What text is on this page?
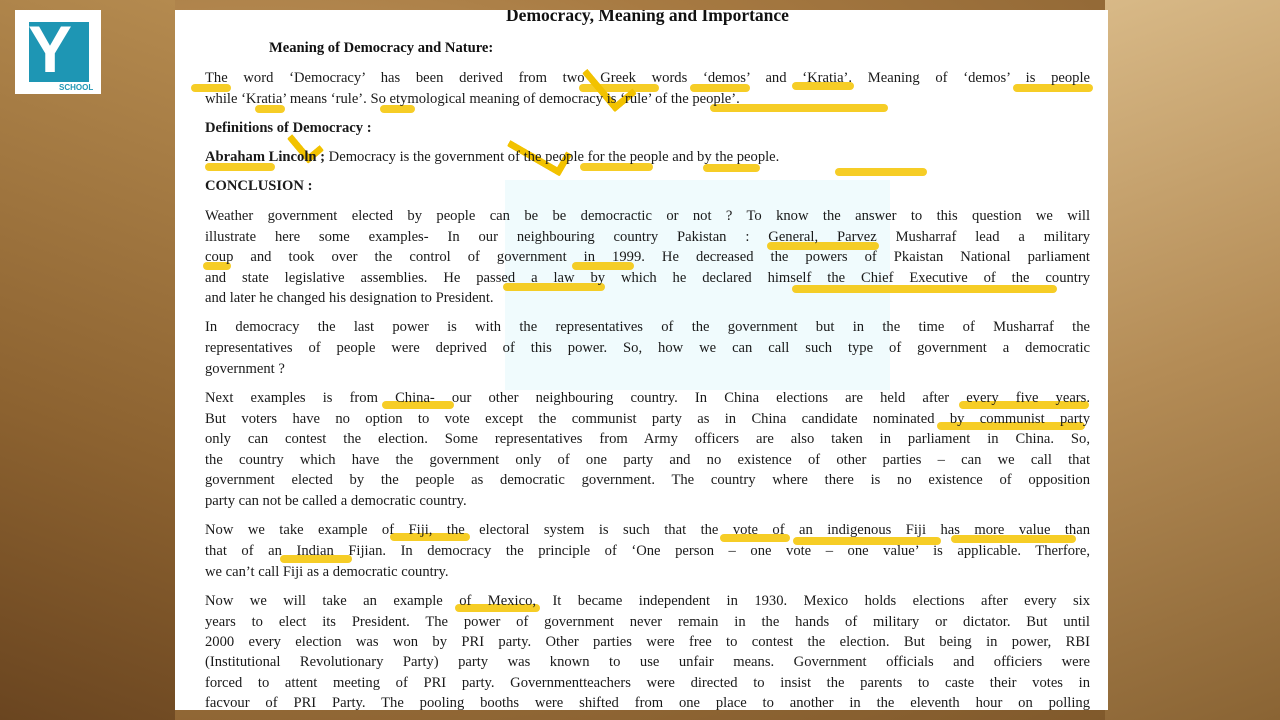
Y
SCHOOL
Democracy, Meaning and Importance
Meaning of Democracy and Nature:
The word ‘Democracy’ has been derived from two Greek words ‘demos’ and ‘Kratia’. Meaning of ‘demos’ is people
while ‘Kratia’ means ‘rule’. So etymological meaning of democracy is ‘rule’ of the people’.
Definitions of Democracy :
Abraham Lincoln ; Democracy is the government of the people for the people and by the people.
CONCLUSION :
Weather government elected by people can be be democractic or not ? To know the answer to this question we will
illustrate here some examples- In our neighbouring country Pakistan : General, Parvez Musharraf lead a military
coup and took over the control of government in 1999. He decreased the powers of Pkaistan National parliament
and state legislative assemblies. He passed a law by which he declared himself the Chief Executive of the country
and later he changed his designation to President.
In democracy the last power is with the representatives of the government but in the time of Musharraf the
representatives of people were deprived of this power. So, how we can call such type of government a democratic
government ?
Next examples is from China- our other neighbouring country. In China elections are held after every five years.
But voters have no option to vote except the communist party as in China candidate nominated by communist party
only can contest the election. Some representatives from Army officers are also taken in parliament in China. So,
the country which have the government only of one party and no existence of other parties – can we call that
government elected by the people as democratic government. The country where there is no existence of opposition
party can not be called a democratic country.
Now we take example of Fiji, the electoral system is such that the vote of an indigenous Fiji has more value than
that of an Indian Fijian. In democracy the principle of ‘One person – one vote – one value’ is applicable. Therfore,
we can’t call Fiji as a democratic country.
Now we will take an example of Mexico, It became independent in 1930. Mexico holds elections after every six
years to elect its President. The power of government never remain in the hands of military or dictator. But until
2000 every election was won by PRI party. Other parties were free to contest the election. But being in power, RBI
(Institutional Revolutionary Party) party was known to use unfair means. Government officials and officiers were
forced to attent meeting of PRI party. Governmentteachers were directed to insist the parents to caste their votes in
facvour of PRI Party. The pooling booths were shifted from one place to another in the eleventh hour on polling
